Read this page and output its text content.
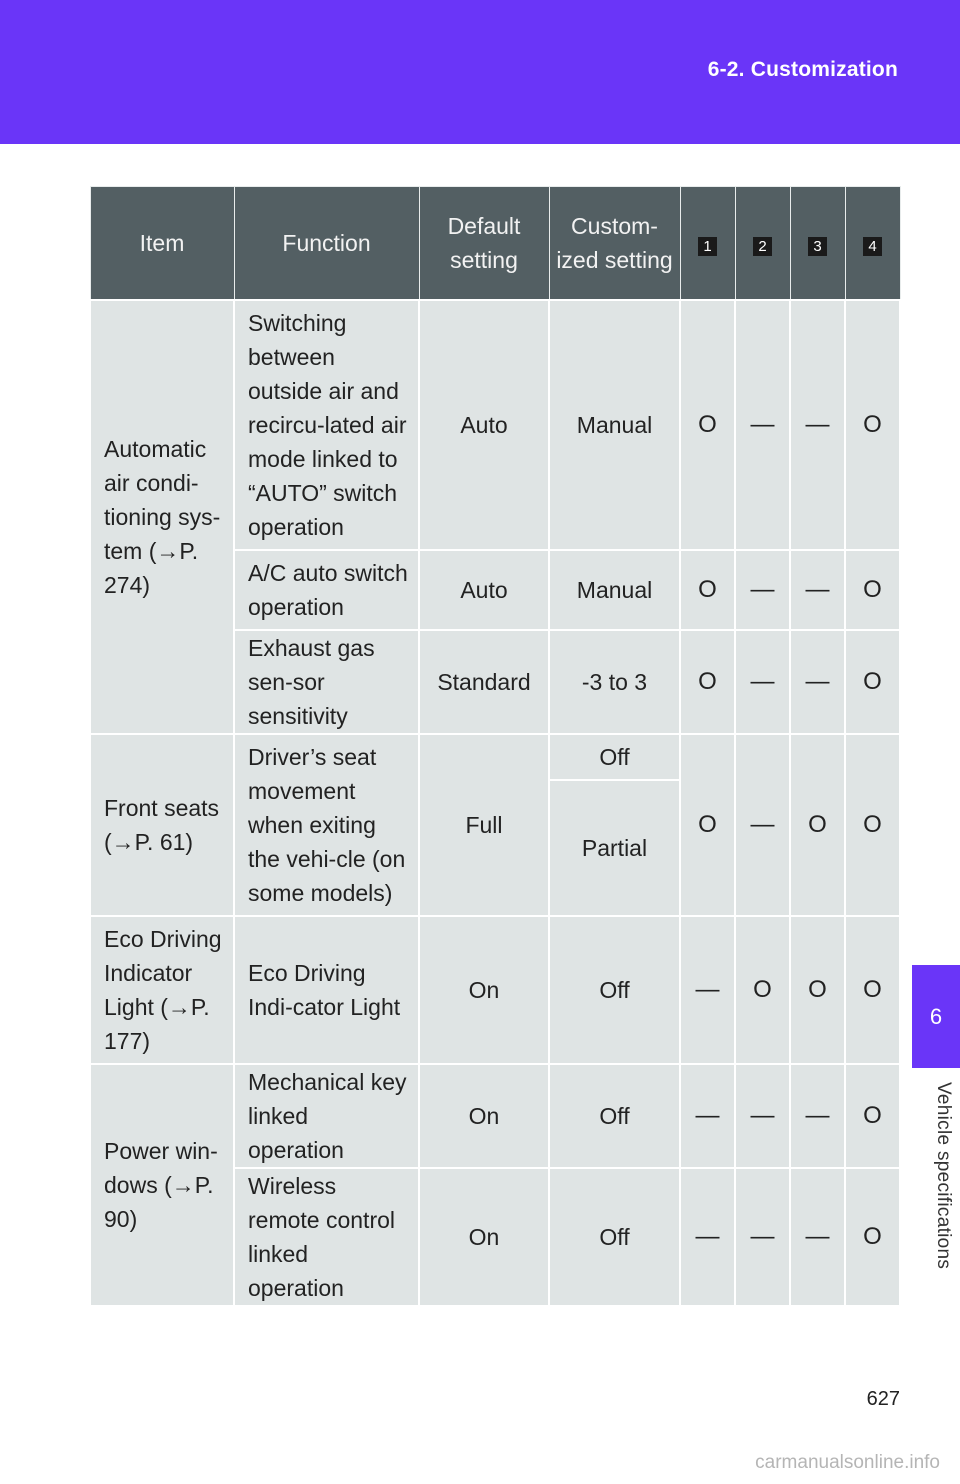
6-2. Customization
Item	Function	Default setting	Custom-ized setting	1	2	3	4
Automatic air condi-tioning sys-tem (→P. 274)	Switching between outside air and recircu-lated air mode linked to “AUTO” switch operation	Auto	Manual	O	—	—	O
	A/C auto switch operation	Auto	Manual	O	—	—	O
	Exhaust gas sen-sor sensitivity	Standard	-3 to 3	O	—	—	O
Front seats (→P. 61)	Driver’s seat movement when exiting the vehi-cle (on some models)	Full	Off	O	—	O	O
			Partial				
Eco Driving Indicator Light (→P. 177)	Eco Driving Indi-cator Light	On	Off	—	O	O	O
Power win-dows (→P. 90)	Mechanical key linked operation	On	Off	—	—	—	O
	Wireless remote control linked operation	On	Off	—	—	—	O
6
Vehicle specifications
627
carmanualsonline.info
